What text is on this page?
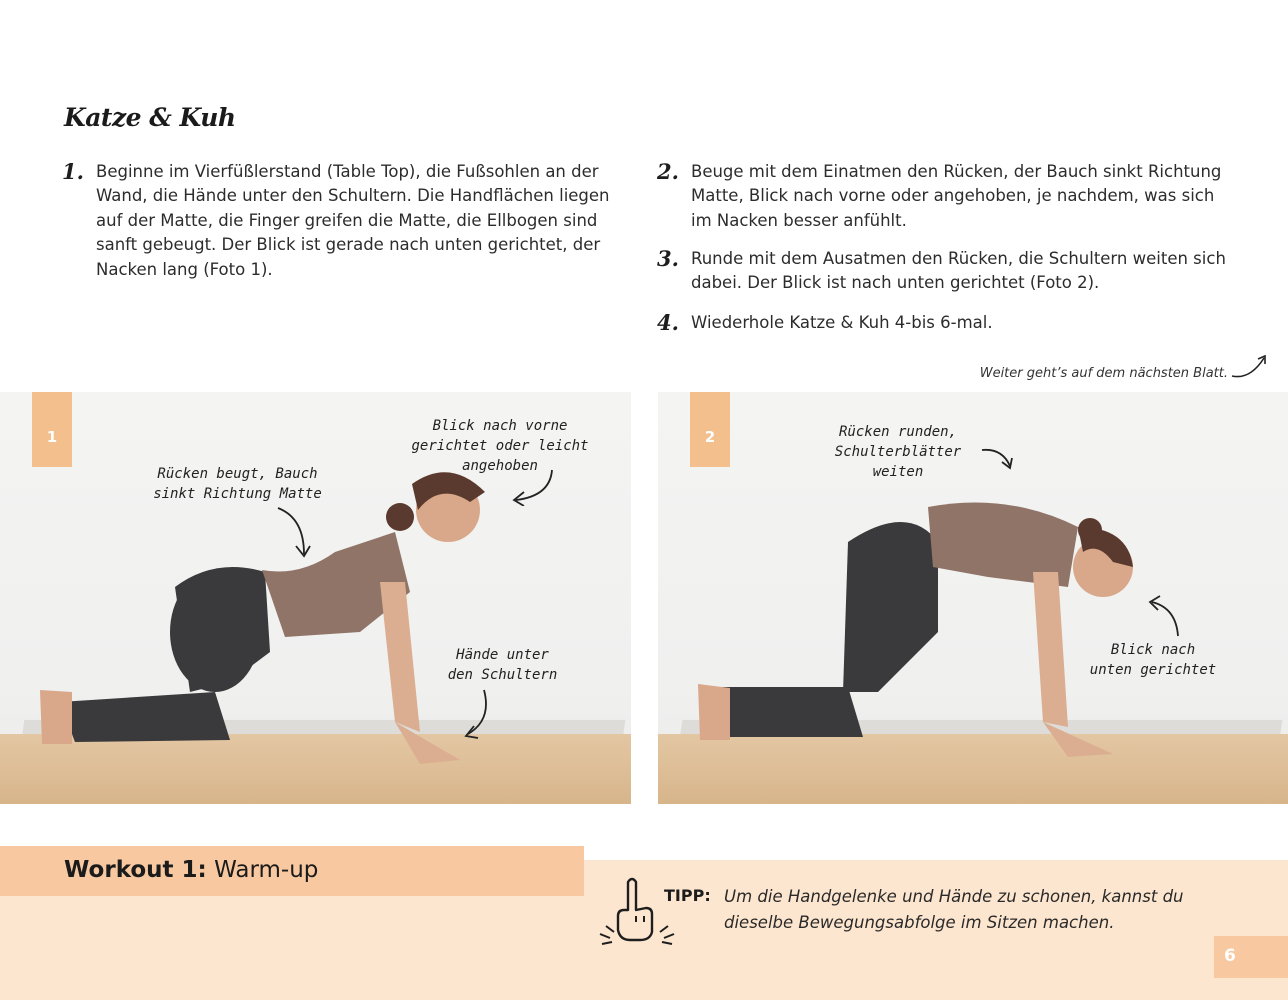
Katze & Kuh
1. Beginne im Vierfüßlerstand (Table Top), die Fußsohlen an der Wand, die Hände unter den Schultern. Die Handflächen liegen auf der Matte, die Finger greifen die Matte, die Ellbogen sind sanft gebeugt. Der Blick ist gerade nach unten gerichtet, der Nacken lang (Foto 1).
2. Beuge mit dem Einatmen den Rücken, der Bauch sinkt Richtung Matte, Blick nach vorne oder angehoben, je nachdem, was sich im Nacken besser anfühlt.
3. Runde mit dem Ausatmen den Rücken, die Schultern weiten sich dabei. Der Blick ist nach unten gerichtet (Foto 2).
4. Wiederhole Katze & Kuh 4-bis 6-mal.
Weiter geht’s auf dem nächsten Blatt.
1
Rücken beugt, Bauch sinkt Richtung Matte
Blick nach vorne gerichtet oder leicht angehoben
Hände unter den Schultern
2	Rücken runden, Schulterblätter weiten
Blick nach unten gerichtet
Workout 1: Warm-up
TIPP: Um die Handgelenke und Hände zu schonen, kannst du dieselbe Bewegungsabfolge im Sitzen machen.
6
